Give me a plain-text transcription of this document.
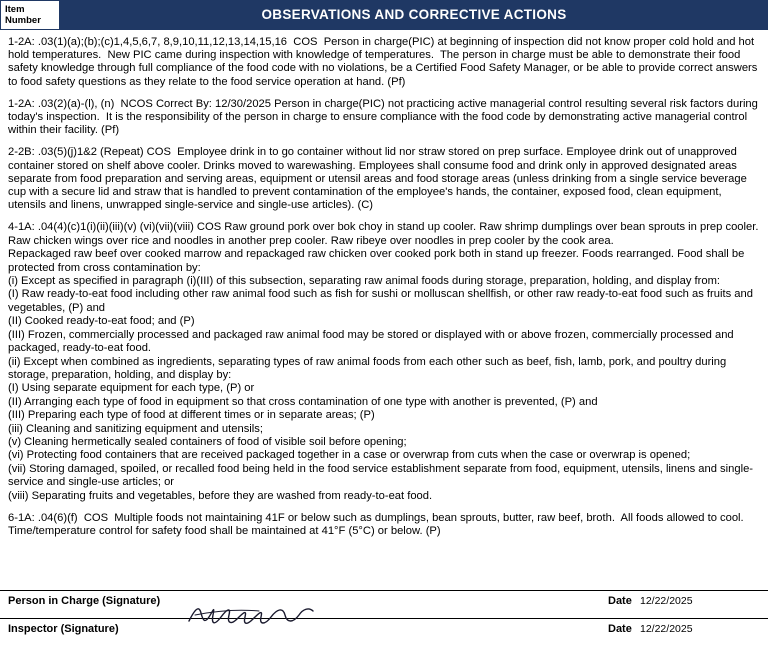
Item
Number	OBSERVATIONS AND CORRECTIVE ACTIONS
1-2A: .03(1)(a);(b);(c)1,4,5,6,7, 8,9,10,11,12,13,14,15,16  COS  Person in charge(PIC) at beginning of inspection did not know proper cold hold and hot hold temperatures.  New PIC came during inspection with knowledge of temperatures.  The person in charge must be able to demonstrate their food safety knowledge through full compliance of the food code with no violations, be a Certified Food Safety Manager, or be able to provide correct answers to food safety questions as they relate to the food service operation at hand. (Pf)
1-2A: .03(2)(a)-(l), (n)  NCOS Correct By: 12/30/2025 Person in charge(PIC) not practicing active managerial control resulting several risk factors during today's inspection.  It is the responsibility of the person in charge to ensure compliance with the food code by demonstrating active managerial control within their facility. (Pf)
2-2B: .03(5)(j)1&2 (Repeat) COS  Employee drink in to go container without lid nor straw stored on prep surface. Employee drink out of unapproved container stored on shelf above cooler. Drinks moved to warewashing. Employees shall consume food and drink only in approved designated areas separate from food preparation and serving areas, equipment or utensil areas and food storage areas (unless drinking from a single service beverage cup with a secure lid and straw that is handled to prevent contamination of the employee's hands, the container, exposed food, clean equipment, utensils and linens, unwrapped single-service and single-use articles). (C)
4-1A: .04(4)(c)1(i)(ii)(iii)(v) (vi)(vii)(viii) COS Raw ground pork over bok choy in stand up cooler. Raw shrimp dumplings over bean sprouts in prep cooler. Raw chicken wings over rice and noodles in another prep cooler. Raw ribeye over noodles in prep cooler by the cook area.
Repackaged raw beef over cooked marrow and repackaged raw chicken over cooked pork both in stand up freezer. Foods rearranged. Food shall be protected from cross contamination by:
(i) Except as specified in paragraph (i)(III) of this subsection, separating raw animal foods during storage, preparation, holding, and display from:
(I) Raw ready-to-eat food including other raw animal food such as fish for sushi or molluscan shellfish, or other raw ready-to-eat food such as fruits and vegetables, (P) and
(II) Cooked ready-to-eat food; and (P)
(III) Frozen, commercially processed and packaged raw animal food may be stored or displayed with or above frozen, commercially processed and packaged, ready-to-eat food.
(ii) Except when combined as ingredients, separating types of raw animal foods from each other such as beef, fish, lamb, pork, and poultry during storage, preparation, holding, and display by:
(I) Using separate equipment for each type, (P) or
(II) Arranging each type of food in equipment so that cross contamination of one type with another is prevented, (P) and
(III) Preparing each type of food at different times or in separate areas; (P)
(iii) Cleaning and sanitizing equipment and utensils;
(v) Cleaning hermetically sealed containers of food of visible soil before opening;
(vi) Protecting food containers that are received packaged together in a case or overwrap from cuts when the case or overwrap is opened;
(vii) Storing damaged, spoiled, or recalled food being held in the food service establishment separate from food, equipment, utensils, linens and single-service and single-use articles; or
(viii) Separating fruits and vegetables, before they are washed from ready-to-eat food.
6-1A: .04(6)(f)  COS  Multiple foods not maintaining 41F or below such as dumplings, bean sprouts, butter, raw beef, broth.  All foods allowed to cool.  Time/temperature control for safety food shall be maintained at 41°F (5°C) or below. (P)
Person in Charge (Signature)	Date 12/22/2025
Inspector (Signature)	Date 12/22/2025
